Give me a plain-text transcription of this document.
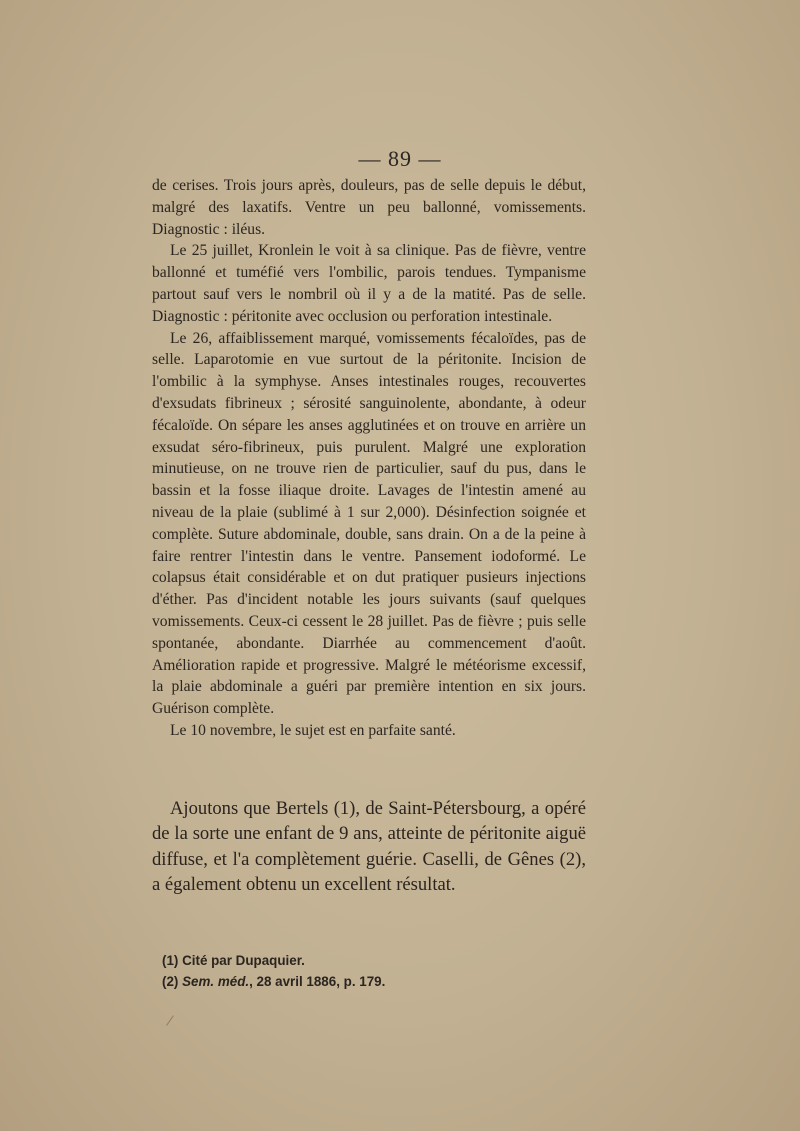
— 89 —

de cerises. Trois jours après, douleurs, pas de selle depuis le début, malgré des laxatifs. Ventre un peu ballonné, vomissements. Diagnostic : iléus.

Le 25 juillet, Kronlein le voit à sa clinique. Pas de fièvre, ventre ballonné et tuméfié vers l'ombilic, parois tendues. Tympanisme partout sauf vers le nombril où il y a de la matité. Pas de selle. Diagnostic : péritonite avec occlusion ou perforation intestinale.

Le 26, affaiblissement marqué, vomissements fécaloïdes, pas de selle. Laparotomie en vue surtout de la péritonite. Incision de l'ombilic à la symphyse. Anses intestinales rouges, recouvertes d'exsudats fibrineux ; sérosité sanguinolente, abondante, à odeur fécaloïde. On sépare les anses agglutinées et on trouve en arrière un exsudat séro-fibrineux, puis purulent. Malgré une exploration minutieuse, on ne trouve rien de particulier, sauf du pus, dans le bassin et la fosse iliaque droite. Lavages de l'intestin amené au niveau de la plaie (sublimé à 1 sur 2,000). Désinfection soignée et complète. Suture abdominale, double, sans drain. On a de la peine à faire rentrer l'intestin dans le ventre. Pansement iodoformé. Le colapsus était considérable et on dut pratiquer pusieurs injections d'éther. Pas d'incident notable les jours suivants (sauf quelques vomissements. Ceux-ci cessent le 28 juillet. Pas de fièvre ; puis selle spontanée, abondante. Diarrhée au commencement d'août. Amélioration rapide et progressive. Malgré le météorisme excessif, la plaie abdominale a guéri par première intention en six jours. Guérison complète.

Le 10 novembre, le sujet est en parfaite santé.

Ajoutons que Bertels (1), de Saint-Pétersbourg, a opéré de la sorte une enfant de 9 ans, atteinte de péritonite aiguë diffuse, et l'a complètement guérie. Caselli, de Gênes (2), a également obtenu un excellent résultat.

(1) Cité par Dupaquier.

(2) Sem. méd., 28 avril 1886, p. 179.
